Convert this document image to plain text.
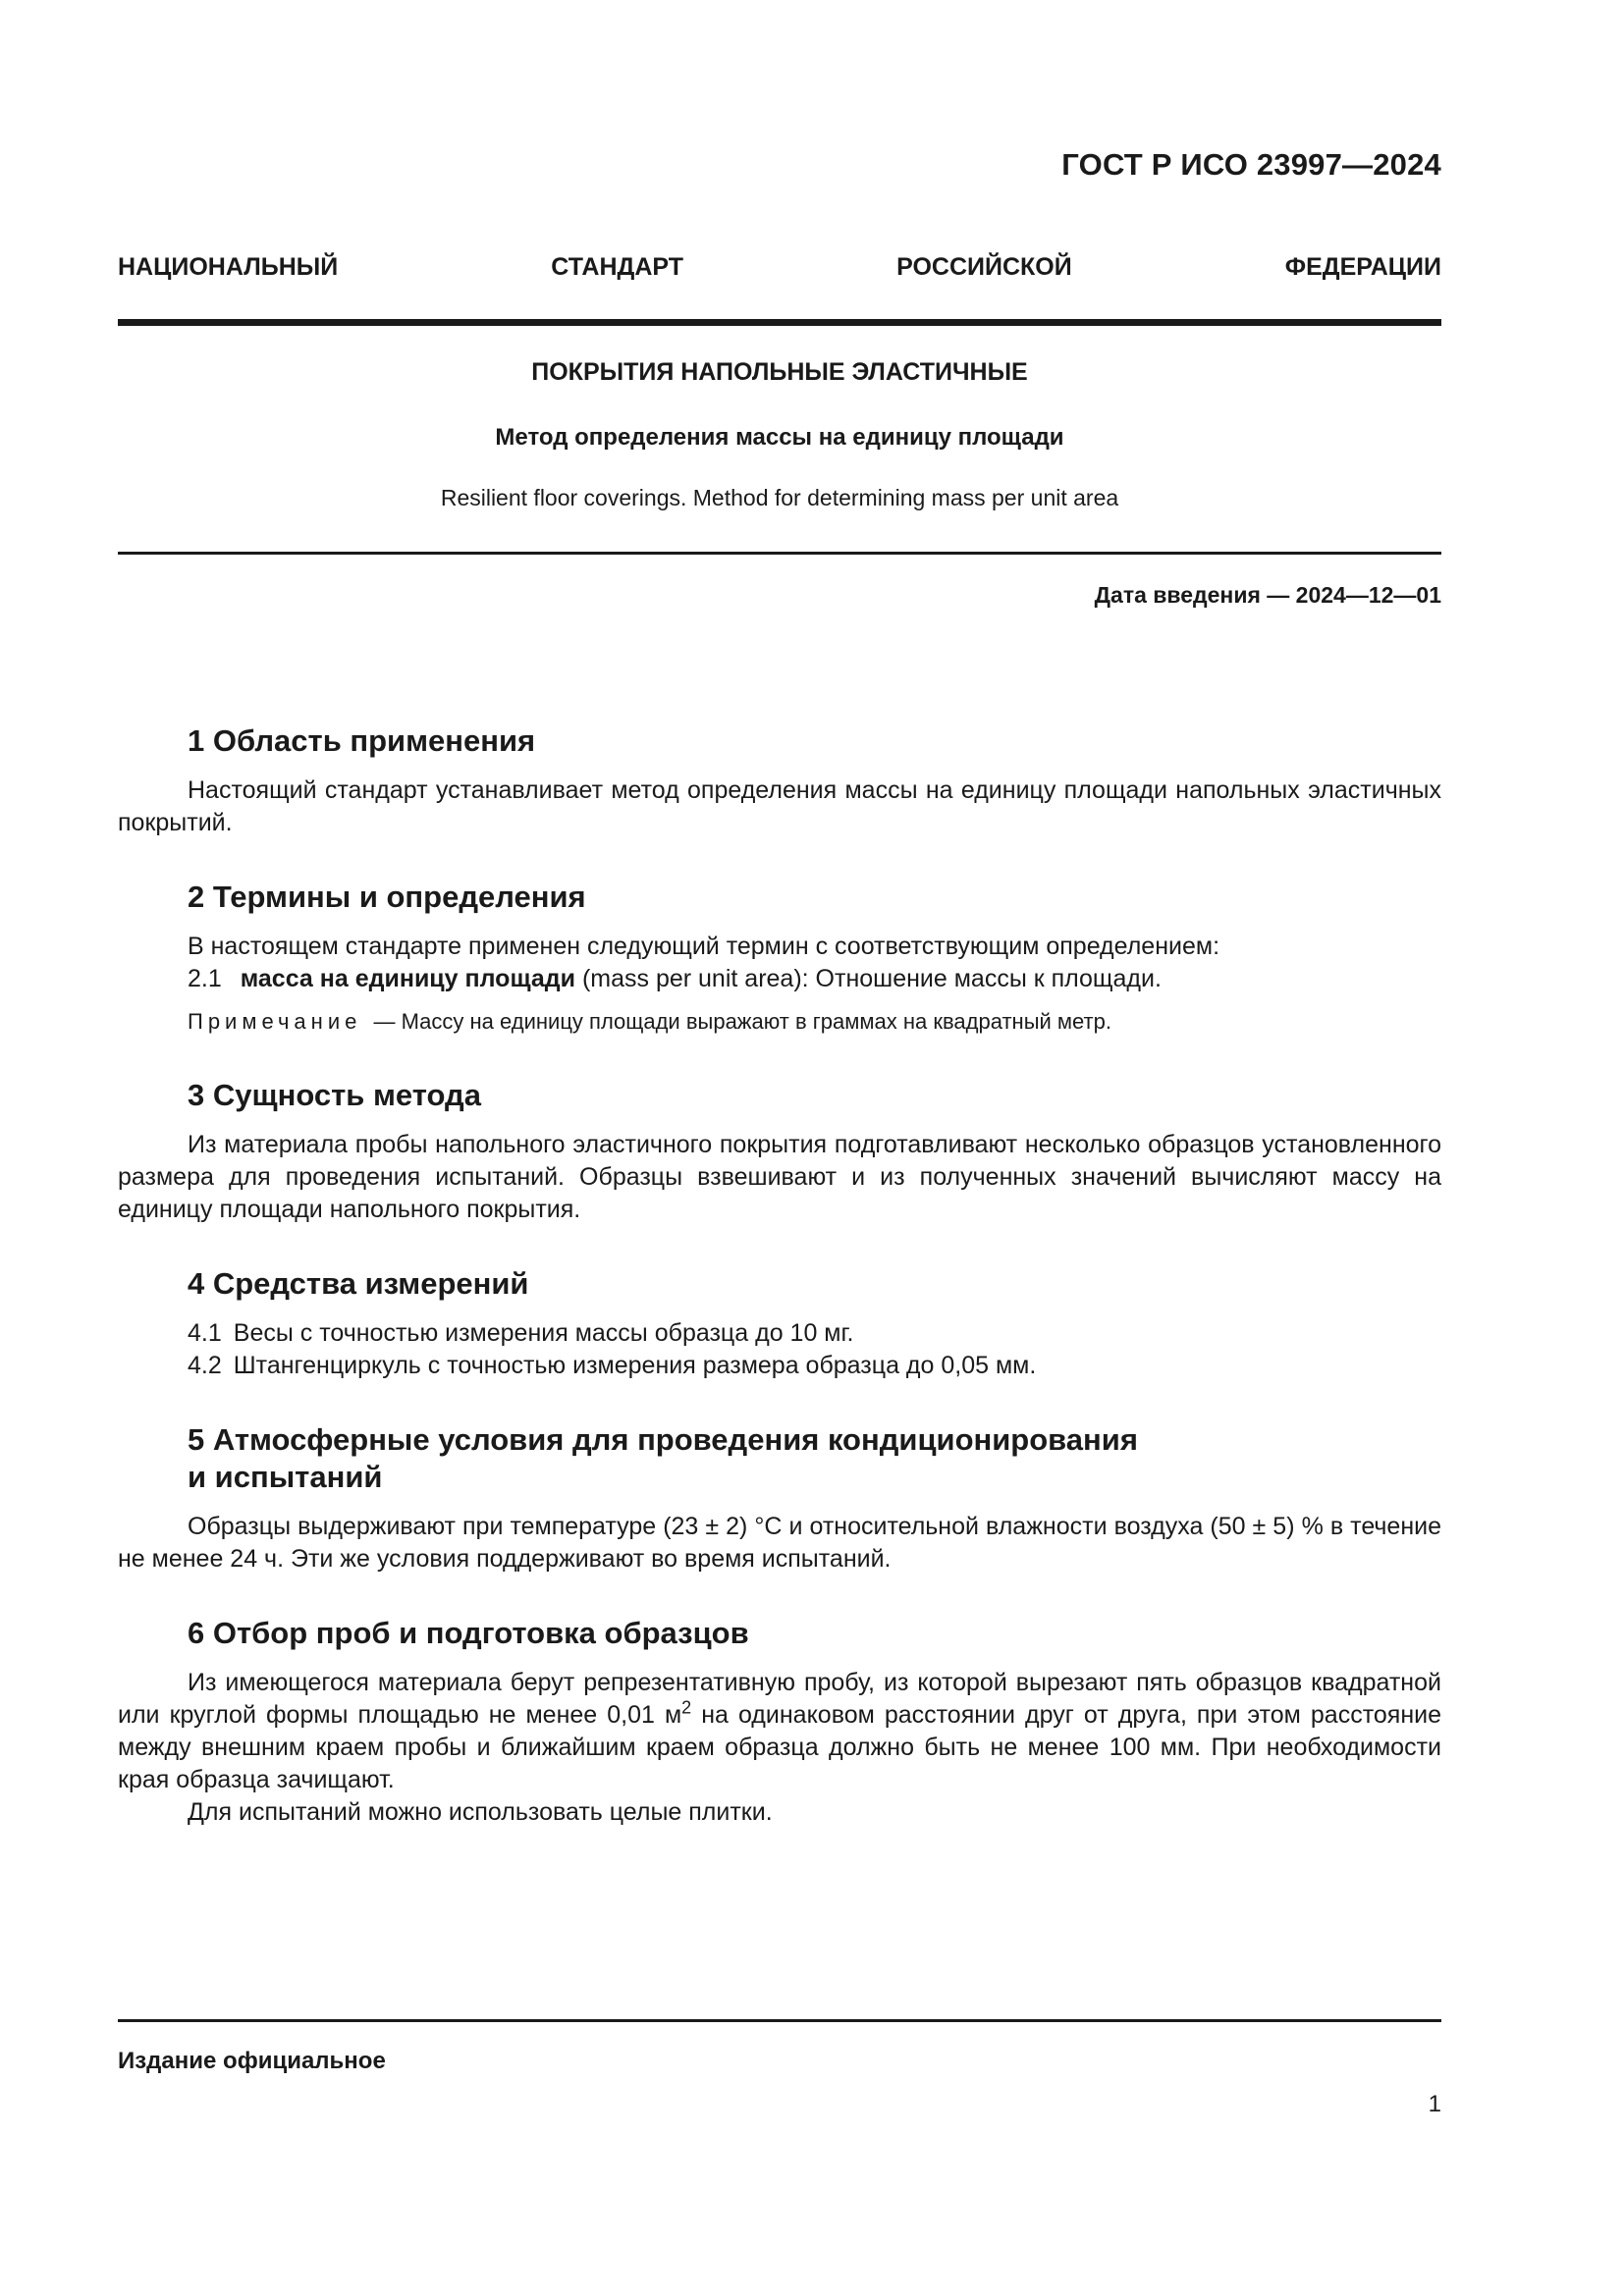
ГОСТ Р ИСО 23997—2024
НАЦИОНАЛЬНЫЙ СТАНДАРТ РОССИЙСКОЙ ФЕДЕРАЦИИ
ПОКРЫТИЯ НАПОЛЬНЫЕ ЭЛАСТИЧНЫЕ
Метод определения массы на единицу площади
Resilient floor coverings. Method for determining mass per unit area
Дата введения — 2024—12—01
1 Область применения

Настоящий стандарт устанавливает метод определения массы на единицу площади напольных эластичных покрытий.

2 Термины и определения

В настоящем стандарте применен следующий термин с соответствующим определением:

2.1 масса на единицу площади (mass per unit area): Отношение массы к площади.
Примечание — Массу на единицу площади выражают в граммах на квадратный метр.
3 Сущность метода

Из материала пробы напольного эластичного покрытия подготавливают несколько образцов установленного размера для проведения испытаний. Образцы взвешивают и из полученных значений вычисляют массу на единицу площади напольного покрытия.

4 Средства измерений
4.1 Весы с точностью измерения массы образца до 10 мг.
4.2 Штангенциркуль с точностью измерения размера образца до 0,05 мм.
5 Атмосферные условия для проведения кондиционирования
и испытаний

Образцы выдерживают при температуре (23 ± 2) °С и относительной влажности воздуха (50 ± 5) % в течение не менее 24 ч. Эти же условия поддерживают во время испытаний.

6 Отбор проб и подготовка образцов

Из имеющегося материала берут репрезентативную пробу, из которой вырезают пять образцов квадратной или круглой формы площадью не менее 0,01 $м^2$ на одинаковом расстоянии друг от друга, при этом расстояние между внешним краем пробы и ближайшим краем образца должно быть не менее 100 мм. При необходимости края образца зачищают.

Для испытаний можно использовать целые плитки.

Издание официальное
1
